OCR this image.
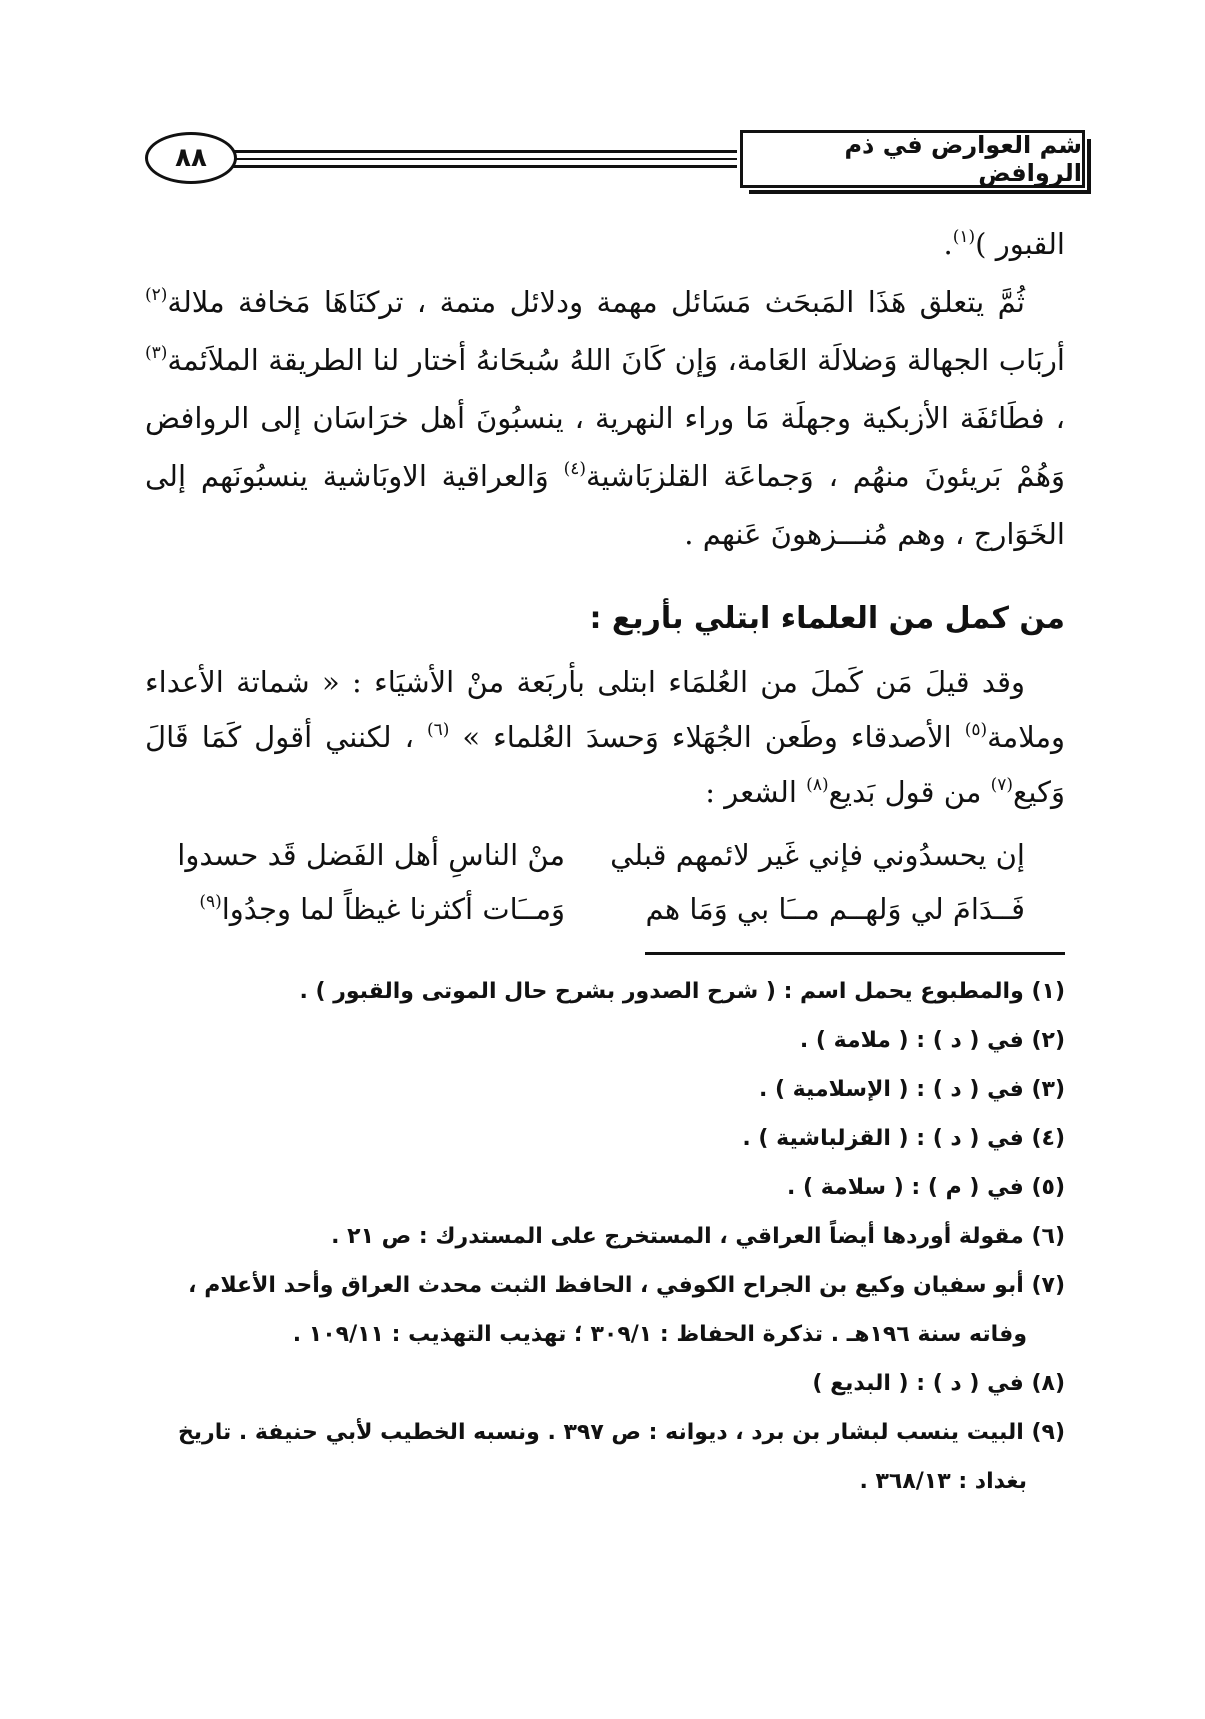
شم العوارض في ذم الروافض
٨٨

القبور )$^{(١)}$.

ثُمَّ يتعلق هَذَا المَبحَث مَسَائل مهمة ودلائل متمة ، تركنَاهَا مَخافة ملالة$^{(٢)}$ أربَاب الجهالة وَضلالَة العَامة، وَإن كَانَ اللهُ سُبحَانهُ أختار لنا الطريقة الملاَئمة$^{(٣)}$ ، فطَائفَة الأزبكية وجهلَة مَا وراء النهرية ، ينسبُونَ أهل خرَاسَان إلى الروافض وَهُمْ بَريئونَ منهُم ، وَجماعَة القلزبَاشية$^{(٤)}$ وَالعراقية الاوبَاشية ينسبُونَهم إلى الخَوَارج ، وهم مُنـــزهونَ عَنهم .

من كمل من العلماء ابتلي بأربع :

وقد قيلَ مَن كَملَ من العُلمَاء ابتلى بأربَعة منْ الأشيَاء : « شماتة الأعداء وملامة$^{(٥)}$ الأصدقاء وطَعن الجُهَلاء وَحسدَ العُلماء » $^{(٦)}$ ، لكنني أقول كَمَا قَالَ وَكيع$^{(٧)}$ من قول بَديع$^{(٨)}$ الشعر :

إن يحسدُوني فإني غَير لائمهم قبلي
منْ الناسِ أهل الفَضل قَد حسدوا
فَــدَامَ لي وَلهــم مــَا بي وَمَا هم
وَمــَات أكثرنا غيظاً لما وجدُوا$^{(٩)}$

(١) والمطبوع يحمل اسم : ( شرح الصدور بشرح حال الموتى والقبور ) .

(٢) في ( د ) : ( ملامة ) .

(٣) في ( د ) : ( الإسلامية ) .

(٤) في ( د ) : ( القزلباشية ) .

(٥) في ( م ) : ( سلامة ) .

(٦) مقولة أوردها أيضاً العراقي ، المستخرج على المستدرك : ص ٢١ .

(٧) أبو سفيان وكيع بن الجراح الكوفي ، الحافظ الثبت محدث العراق وأحد الأعلام ،
وفاته سنة ١٩٦هـ . تذكرة الحفاظ : ٣٠٩/١ ؛ تهذيب التهذيب : ١٠٩/١١ .

(٨) في ( د ) : ( البديع )

(٩) البيت ينسب لبشار بن برد ، ديوانه : ص ٣٩٧ . ونسبه الخطيب لأبي حنيفة . تاريخ
بغداد : ٣٦٨/١٣ .
